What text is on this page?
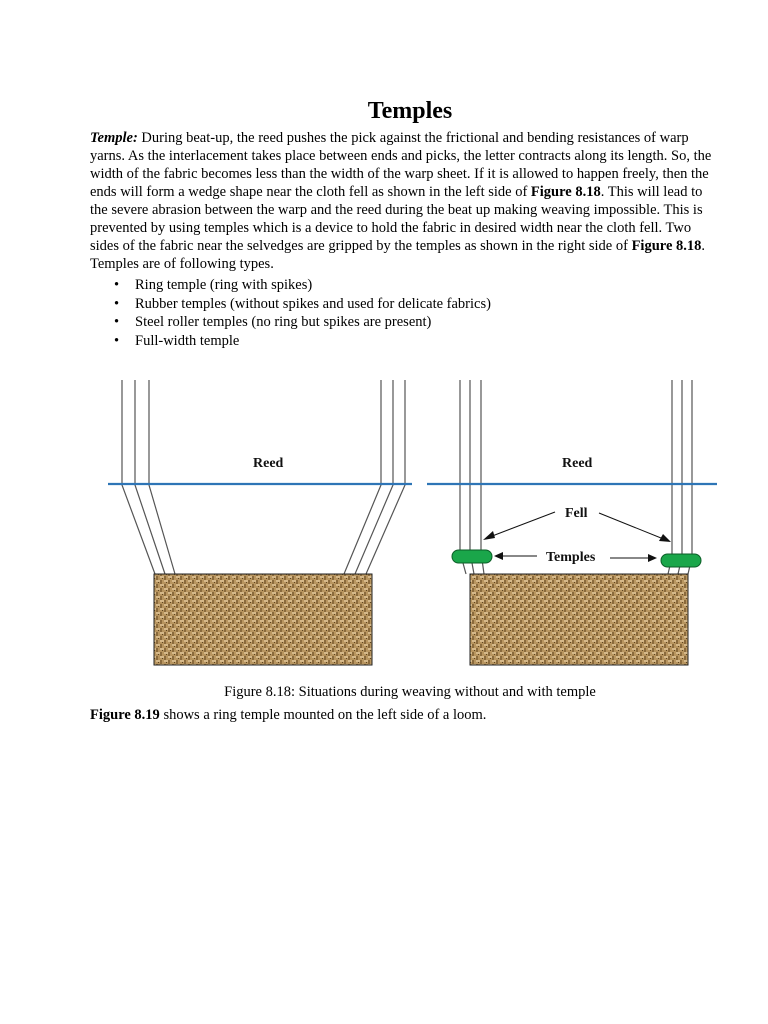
Temples

Temple: During beat-up, the reed pushes the pick against the frictional and bending resistances of warp yarns. As the interlacement takes place between ends and picks, the letter contracts along its length. So, the width of the fabric becomes less than the width of the warp sheet. If it is allowed to happen freely, then the ends will form a wedge shape near the cloth fell as shown in the left side of Figure 8.18. This will lead to the severe abrasion between the warp and the reed during the beat up making weaving impossible. This is prevented by using temples which is a device to hold the fabric in desired width near the cloth fell. Two sides of the fabric near the selvedges are gripped by the temples as shown in the right side of Figure 8.18. Temples are of following types.

• Ring temple (ring with spikes)
• Rubber temples (without spikes and used for delicate fabrics)
• Steel roller temples (no ring but spikes are present)
• Full-width temple
Reed	Reed
Fell
Temples
Figure 8.18: Situations during weaving without and with temple
Figure 8.19 shows a ring temple mounted on the left side of a loom.
